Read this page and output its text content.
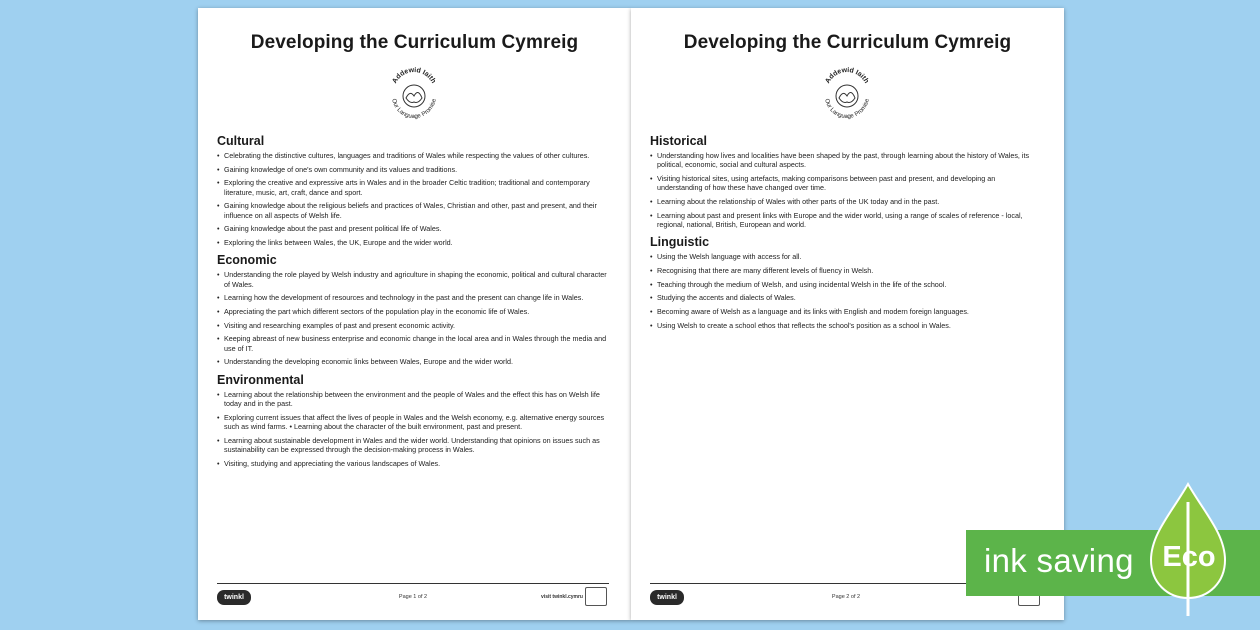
Developing the Curriculum Cymreig
Addewid Iaith
Our Language Promise
Cultural
• Celebrating the distinctive cultures, languages and traditions of Wales while respecting the values of other cultures.
• Gaining knowledge of one's own community and its values and traditions.
• Exploring the creative and expressive arts in Wales and in the broader Celtic tradition; traditional and contemporary literature, music, art, craft, dance and sport.
• Gaining knowledge about the religious beliefs and practices of Wales, Christian and other, past and present, and their influence on all aspects of Welsh life.
• Gaining knowledge about the past and present political life of Wales.
• Exploring the links between Wales, the UK, Europe and the wider world.
Economic
• Understanding the role played by Welsh industry and agriculture in shaping the economic, political and cultural character of Wales.
• Learning how the development of resources and technology in the past and the present can change life in Wales.
• Appreciating the part which different sectors of the population play in the economic life of Wales.
• Visiting and researching examples of past and present economic activity.
• Keeping abreast of new business enterprise and economic change in the local area and in Wales through the media and use of IT.
• Understanding the developing economic links between Wales, Europe and the wider world.
Environmental
• Learning about the relationship between the environment and the people of Wales and the effect this has on Welsh life today and in the past.
• Exploring current issues that affect the lives of people in Wales and the Welsh economy, e.g. alternative energy sources such as wind farms. • Learning about the character of the built environment, past and present.
• Learning about sustainable development in Wales and the wider world. Understanding that opinions on issues such as sustainability can be expressed through the decision-making process in Wales.
• Visiting, studying and appreciating the various landscapes of Wales.
twinkl	Page 1 of 2	visit twinkl.cymru
Developing the Curriculum Cymreig
Addewid Iaith
Our Language Promise
Historical
• Understanding how lives and localities have been shaped by the past, through learning about the history of Wales, its political, economic, social and cultural aspects.
• Visiting historical sites, using artefacts, making comparisons between past and present, and developing an understanding of how these have changed over time.
• Learning about the relationship of Wales with other parts of the UK today and in the past.
• Learning about past and present links with Europe and the wider world, using a range of scales of reference - local, regional, national, British, European and world.
Linguistic
• Using the Welsh language with access for all.
• Recognising that there are many different levels of fluency in Welsh.
• Teaching through the medium of Welsh, and using incidental Welsh in the life of the school.
• Studying the accents and dialects of Wales.
• Becoming aware of Welsh as a language and its links with English and modern foreign languages.
• Using Welsh to create a school ethos that reflects the school's position as a school in Wales.
twinkl	Page 2 of 2
ink saving Eco
